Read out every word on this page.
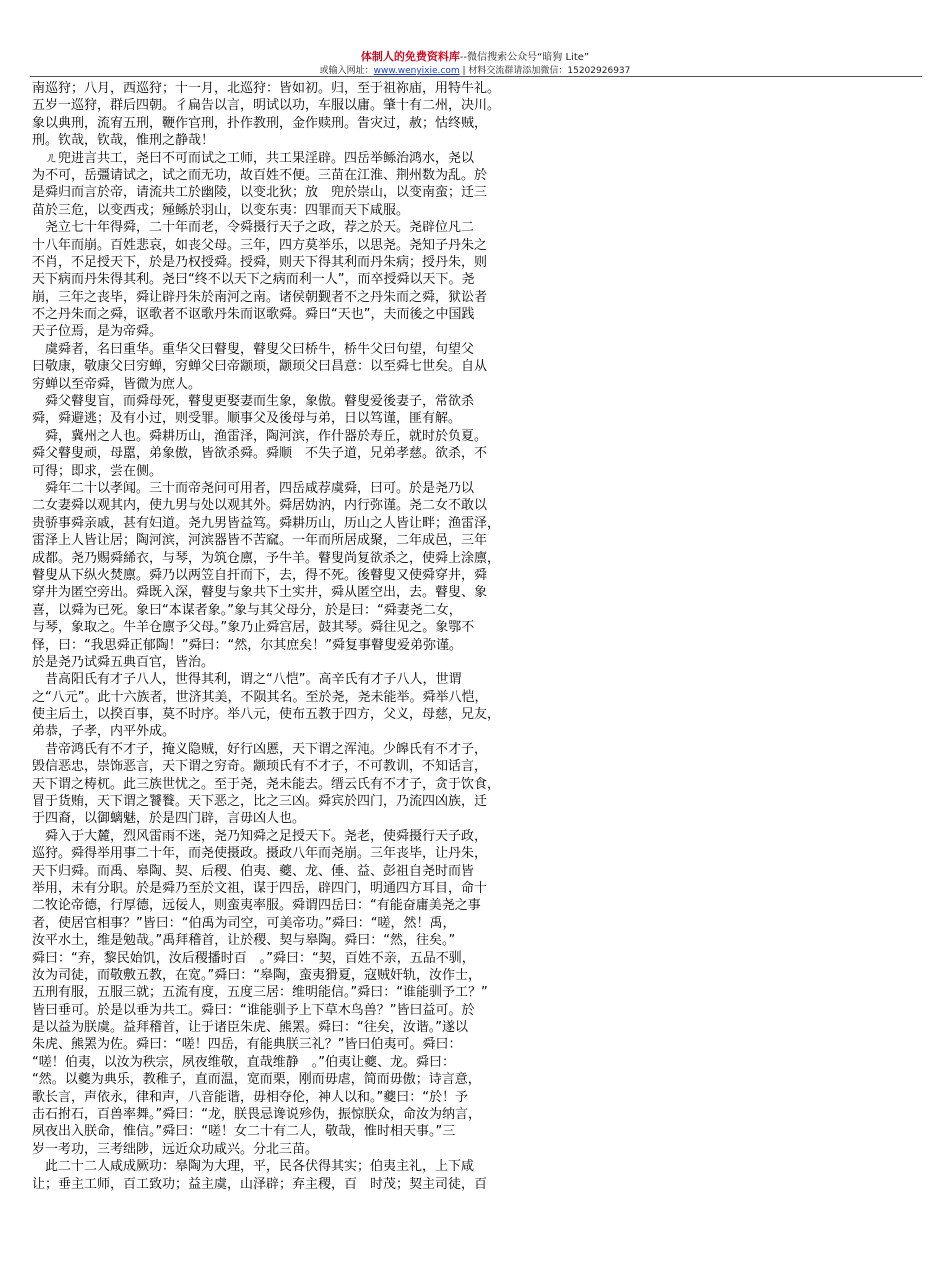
体制人的免费资料库--微信搜索公众号“暗狗 Lite”
或输入网址：www.wenyixie.com | 材料交流群请添加微信：15202926937
南巡狩；八月，西巡狩；十一月，北巡狩：皆如初。归，至于祖祢庙，用特牛礼。
五岁一巡狩，群后四朝。彳扁告以言，明试以功，车服以庸。肇十有二州，决川。
象以典刑，流宥五刑，鞭作官刑，扑作教刑，金作赎刑。眚灾过，赦；怙终贼，
刑。钦哉，钦哉，惟刑之静哉！
　ㄦ兜进言共工，尧曰不可而试之工师，共工果淫辟。四岳举鲧治鸿水，尧以
为不可，岳彊请试之，试之而无功，故百姓不便。三苗在江淮、荆州数为乱。於
是舜归而言於帝，请流共工於幽陵，以变北狄；放　兜於崇山，以变南蛮；迁三
苗於三危，以变西戎；殛鲧於羽山，以变东夷：四罪而天下咸服。
　尧立七十年得舜，二十年而老，令舜摄行天子之政，荐之於天。尧辟位凡二
十八年而崩。百姓悲哀，如丧父母。三年，四方莫举乐，以思尧。尧知子丹朱之
不肖，不足授天下，於是乃权授舜。授舜，则天下得其利而丹朱病；授丹朱，则
天下病而丹朱得其利。尧曰“终不以天下之病而利一人”，而卒授舜以天下。尧
崩，三年之丧毕，舜让辟丹朱於南河之南。诸侯朝觐者不之丹朱而之舜，狱讼者
不之丹朱而之舜，讴歌者不讴歌丹朱而讴歌舜。舜曰“天也”，夫而後之中国践
天子位焉，是为帝舜。
　虞舜者，名曰重华。重华父曰瞽叟，瞽叟父曰桥牛，桥牛父曰句望，句望父
曰敬康，敬康父曰穷蝉，穷蝉父曰帝颛顼，颛顼父曰昌意：以至舜七世矣。自从
穷蝉以至帝舜，皆微为庶人。
　舜父瞽叟盲，而舜母死，瞽叟更娶妻而生象，象傲。瞽叟爱後妻子，常欲杀
舜，舜避逃；及有小过，则受罪。顺事父及後母与弟，日以笃谨，匪有解。
　舜，冀州之人也。舜耕历山，渔雷泽，陶河滨，作什器於寿丘，就时於负夏。
舜父瞽叟顽，母嚚，弟象傲，皆欲杀舜。舜顺　不失子道，兄弟孝慈。欲杀，不
可得；即求，尝在侧。
　舜年二十以孝闻。三十而帝尧问可用者，四岳咸荐虞舜，曰可。於是尧乃以
二女妻舜以观其内，使九男与处以观其外。舜居妫汭，内行弥谨。尧二女不敢以
贵骄事舜亲戚，甚有妇道。尧九男皆益笃。舜耕历山，历山之人皆让畔；渔雷泽，
雷泽上人皆让居；陶河滨，河滨器皆不苦窳。一年而所居成聚，二年成邑，三年
成都。尧乃赐舜絺衣，与琴，为筑仓廪，予牛羊。瞽叟尚复欲杀之，使舜上涂廪，
瞽叟从下纵火焚廪。舜乃以两笠自扞而下，去，得不死。後瞽叟又使舜穿井，舜
穿井为匿空旁出。舜既入深，瞽叟与象共下土实井，舜从匿空出，去。瞽叟、象
喜，以舜为已死。象曰“本谋者象。”象与其父母分，於是曰：“舜妻尧二女，
与琴，象取之。牛羊仓廪予父母。”象乃止舜宫居，鼓其琴。舜往见之。象鄂不
怿，曰：“我思舜正郁陶！”舜曰：“然，尔其庶矣！”舜复事瞽叟爱弟弥谨。
於是尧乃试舜五典百官，皆治。
　昔高阳氏有才子八人，世得其利，谓之“八恺”。高辛氏有才子八人，世谓
之“八元”。此十六族者，世济其美，不陨其名。至於尧，尧未能举。舜举八恺，
使主后土，以揆百事，莫不时序。举八元，使布五教于四方，父义，母慈，兄友，
弟恭，子孝，内平外成。
　昔帝鸿氏有不才子，掩义隐贼，好行凶慝，天下谓之浑沌。少皞氏有不才子，
毁信恶忠，崇饰恶言，天下谓之穷奇。颛顼氏有不才子，不可教训，不知话言，
天下谓之梼杌。此三族世忧之。至于尧，尧未能去。缙云氏有不才子，贪于饮食，
冒于货贿，天下谓之饕餮。天下恶之，比之三凶。舜宾於四门，乃流四凶族，迁
于四裔，以御螭魅，於是四门辟，言毋凶人也。
　舜入于大麓，烈风雷雨不迷，尧乃知舜之足授天下。尧老，使舜摄行天子政，
巡狩。舜得举用事二十年，而尧使摄政。摄政八年而尧崩。三年丧毕，让丹朱，
天下归舜。而禹、皋陶、契、后稷、伯夷、夔、龙、倕、益、彭祖自尧时而皆
举用，未有分职。於是舜乃至於文祖，谋于四岳，辟四门，明通四方耳目，命十
二牧论帝德，行厚德，远佞人，则蛮夷率服。舜谓四岳曰：“有能奋庸美尧之事
者，使居官相事？”皆曰：“伯禹为司空，可美帝功。”舜曰：“嗟，然！禹，
汝平水土，维是勉哉。”禹拜稽首，让於稷、契与皋陶。舜曰：“然，往矣。”
舜曰：“弃，黎民始饥，汝后稷播时百　。”舜曰：“契，百姓不亲，五品不驯，
汝为司徒，而敬敷五教，在宽。”舜曰：“皋陶，蛮夷猾夏，寇贼奸轨，汝作士，
五刑有服，五服三就；五流有度，五度三居：维明能信。”舜曰：“谁能驯予工？”
皆曰垂可。於是以垂为共工。舜曰：“谁能驯予上下草木鸟兽？”皆曰益可。於
是以益为朕虞。益拜稽首，让于诸臣朱虎、熊罴。舜曰：“往矣，汝谐。”遂以
朱虎、熊罴为佐。舜曰：“嗟！四岳，有能典朕三礼？”皆曰伯夷可。舜曰：
“嗟！伯夷，以汝为秩宗，夙夜维敬，直哉维静　。”伯夷让夔、龙。舜曰：
“然。以夔为典乐，教稚子，直而温，宽而栗，刚而毋虐，简而毋傲；诗言意，
歌长言，声依永，律和声，八音能谐，毋相夺伦，神人以和。”夔曰：“於！予
击石拊石，百兽率舞。”舜曰：“龙，朕畏忌谗说殄伪，振惊朕众，命汝为纳言，
夙夜出入朕命，惟信。”舜曰：“嗟！女二十有二人，敬哉，惟时相天事。”三
岁一考功，三考绌陟，远近众功咸兴。分北三苗。
　此二十二人咸成厥功：皋陶为大理，平，民各伏得其实；伯夷主礼，上下咸
让；垂主工师，百工致功；益主虞，山泽辟；弃主稷，百　时茂；契主司徒，百
